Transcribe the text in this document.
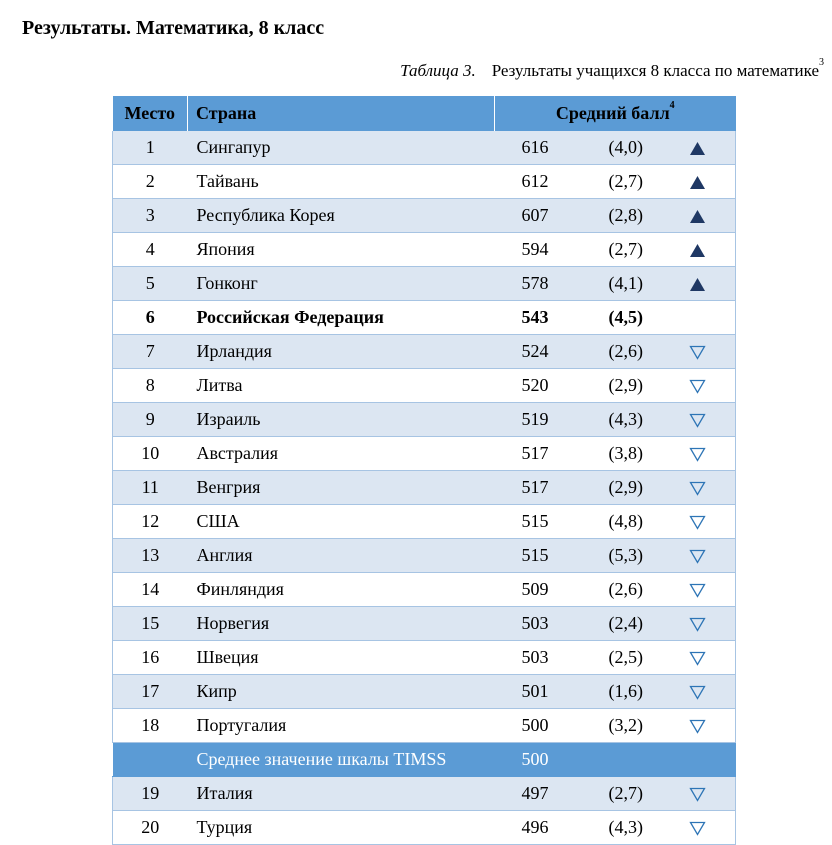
Результаты. Математика, 8 класс
Таблица 3. Результаты учащихся 8 класса по математике$^3$
Место	Страна	Средний балл$^4$
1	Сингапур	616	(4,0)	

2	Тайвань	612	(2,7)	

3	Республика Корея	607	(2,8)	

4	Япония	594	(2,7)	

5	Гонконг	578	(4,1)	

6	Российская Федерация	543	(4,5)	
7	Ирландия	524	(2,6)	

8	Литва	520	(2,9)	

9	Израиль	519	(4,3)	

10	Австралия	517	(3,8)	

11	Венгрия	517	(2,9)	

12	США	515	(4,8)	

13	Англия	515	(5,3)	

14	Финляндия	509	(2,6)	

15	Норвегия	503	(2,4)	

16	Швеция	503	(2,5)	

17	Кипр	501	(1,6)	

18	Португалия	500	(3,2)	

	Среднее значение шкалы TIMSS	500		
19	Италия	497	(2,7)	

20	Турция	496	(4,3)	
